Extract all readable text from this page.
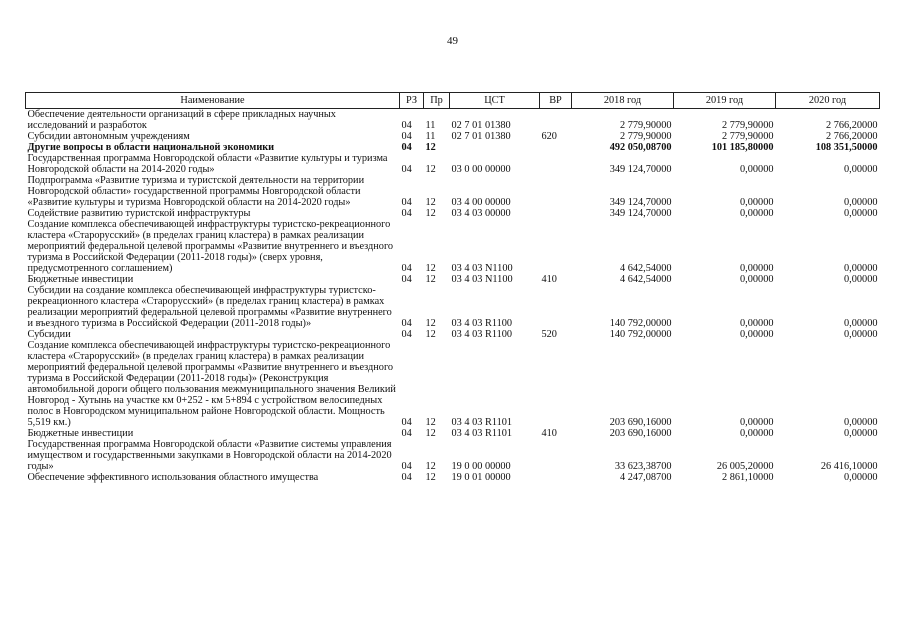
49
Наименование	РЗ	Пр	ЦСТ	ВР	2018 год	2019 год	2020 год
Обеспечение деятельности организаций в сфере прикладных научных исследований и разработок	04	11	02 7 01 01380		2 779,90000	2 779,90000	2 766,20000
Субсидии автономным учреждениям	04	11	02 7 01 01380	620	2 779,90000	2 779,90000	2 766,20000
Другие вопросы в области национальной экономики	04	12			492 050,08700	101 185,80000	108 351,50000
Государственная программа Новгородской области «Развитие культуры и туризма Новгородской области на 2014-2020 годы»	04	12	03 0 00 00000		349 124,70000	0,00000	0,00000
Подпрограмма «Развитие туризма и туристской деятельности на территории Новгородской области» государственной программы Новгородской области «Развитие культуры и туризма Новгородской области на 2014-2020 годы»	04	12	03 4 00 00000		349 124,70000	0,00000	0,00000
Содействие развитию туристской инфраструктуры	04	12	03 4 03 00000		349 124,70000	0,00000	0,00000
Создание комплекса обеспечивающей инфраструктуры туристско-рекреационного кластера «Старорусский» (в пределах границ кластера) в рамках реализации мероприятий федеральной целевой программы «Развитие внутреннего и въездного туризма в Российской Федерации (2011-2018 годы)» (сверх уровня, предусмотренного соглашением)	04	12	03 4 03 N1100		4 642,54000	0,00000	0,00000
Бюджетные инвестиции	04	12	03 4 03 N1100	410	4 642,54000	0,00000	0,00000
Субсидии на создание комплекса обеспечивающей инфраструктуры туристско-рекреационного кластера «Старорусский» (в пределах границ кластера) в рамках реализации мероприятий федеральной целевой программы «Развитие внутреннего и въездного туризма в Российской Федерации (2011-2018 годы)»	04	12	03 4 03 R1100		140 792,00000	0,00000	0,00000
Субсидии	04	12	03 4 03 R1100	520	140 792,00000	0,00000	0,00000
Создание комплекса обеспечивающей инфраструктуры туристско-рекреационного кластера «Старорусский» (в пределах границ кластера) в рамках реализации мероприятий федеральной целевой программы «Развитие внутреннего и въездного туризма в Российской Федерации (2011-2018 годы)» (Реконструкция автомобильной дороги общего пользования межмуниципального значения Великий Новгород - Хутынь на участке км 0+252 - км 5+894 с устройством велосипедных полос в Новгородском муниципальном районе Новгородской области. Мощность 5,519 км.)	04	12	03 4 03 R1101		203 690,16000	0,00000	0,00000
Бюджетные инвестиции	04	12	03 4 03 R1101	410	203 690,16000	0,00000	0,00000
Государственная программа Новгородской области «Развитие системы управления имуществом и государственными закупками в Новгородской области на 2014-2020 годы»	04	12	19 0 00 00000		33 623,38700	26 005,20000	26 416,10000
Обеспечение эффективного использования областного имущества	04	12	19 0 01 00000		4 247,08700	2 861,10000	0,00000
